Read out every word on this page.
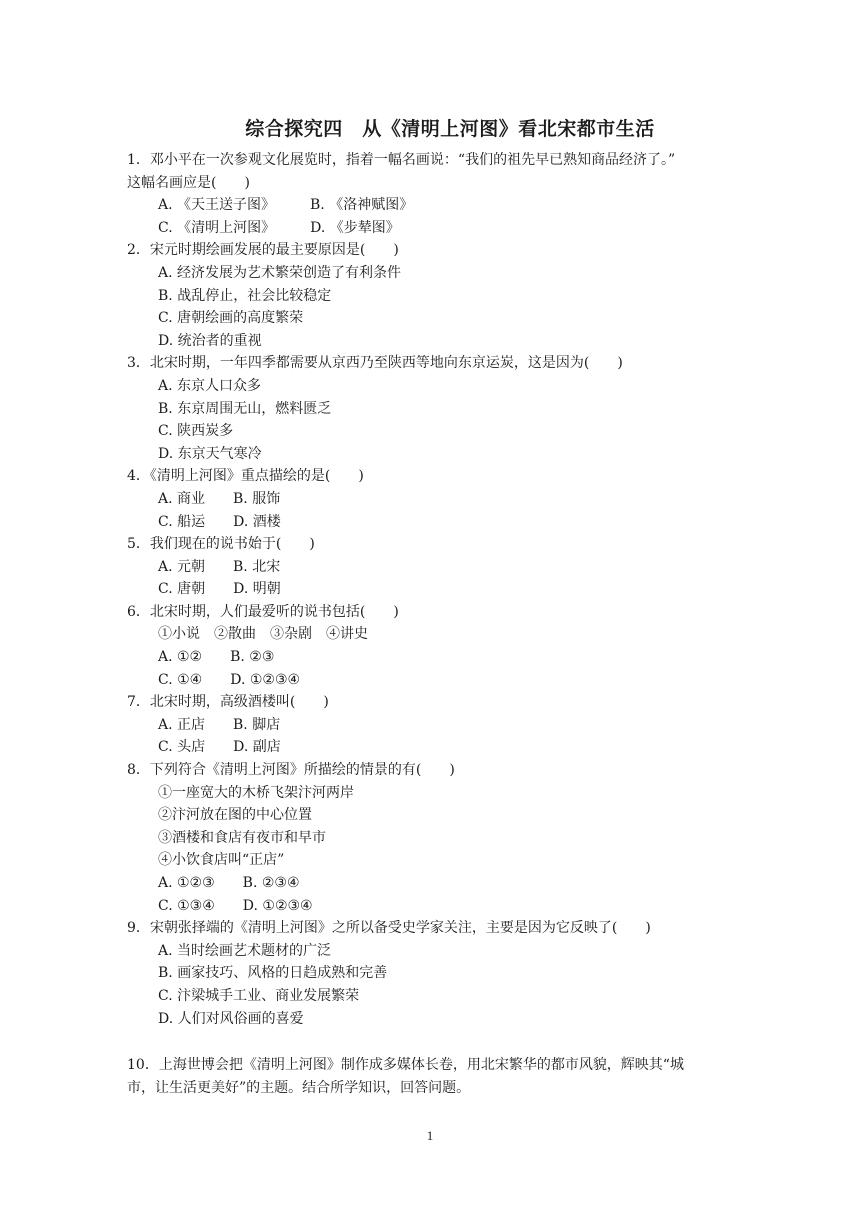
综合探究四　从《清明上河图》看北宋都市生活
1．邓小平在一次参观文化展览时，指着一幅名画说：“我们的祖先早已熟知商品经济了。”
这幅名画应是(　　)
A. 《天王送子图》　　　B. 《洛神赋图》
C. 《清明上河图》　　　D. 《步辇图》
2．宋元时期绘画发展的最主要原因是(　　)
A. 经济发展为艺术繁荣创造了有利条件
B. 战乱停止，社会比较稳定
C. 唐朝绘画的高度繁荣
D. 统治者的重视
3．北宋时期，一年四季都需要从京西乃至陕西等地向东京运炭，这是因为(　　)
A. 东京人口众多
B. 东京周围无山，燃料匮乏
C. 陕西炭多
D. 东京天气寒冷
4．《清明上河图》重点描绘的是(　　)
A. 商业　　B. 服饰
C. 船运　　D. 酒楼
5．我们现在的说书始于(　　)
A. 元朝　　B. 北宋
C. 唐朝　　D. 明朝
6．北宋时期，人们最爱听的说书包括(　　)
①小说　②散曲　③杂剧　④讲史
A. ①②　　B. ②③
C. ①④　　D. ①②③④
7．北宋时期，高级酒楼叫(　　)
A. 正店　　B. 脚店
C. 头店　　D. 副店
8．下列符合《清明上河图》所描绘的情景的有(　　)
①一座宽大的木桥飞架汴河两岸
②汴河放在图的中心位置
③酒楼和食店有夜市和早市
④小饮食店叫“正店”
A. ①②③　　B. ②③④
C. ①③④　　D. ①②③④
9．宋朝张择端的《清明上河图》之所以备受史学家关注，主要是因为它反映了(　　)
A. 当时绘画艺术题材的广泛
B. 画家技巧、风格的日趋成熟和完善
C. 汴梁城手工业、商业发展繁荣
D. 人们对风俗画的喜爱
10．上海世博会把《清明上河图》制作成多媒体长卷，用北宋繁华的都市风貌，辉映其“城
市，让生活更美好”的主题。结合所学知识，回答问题。
1
